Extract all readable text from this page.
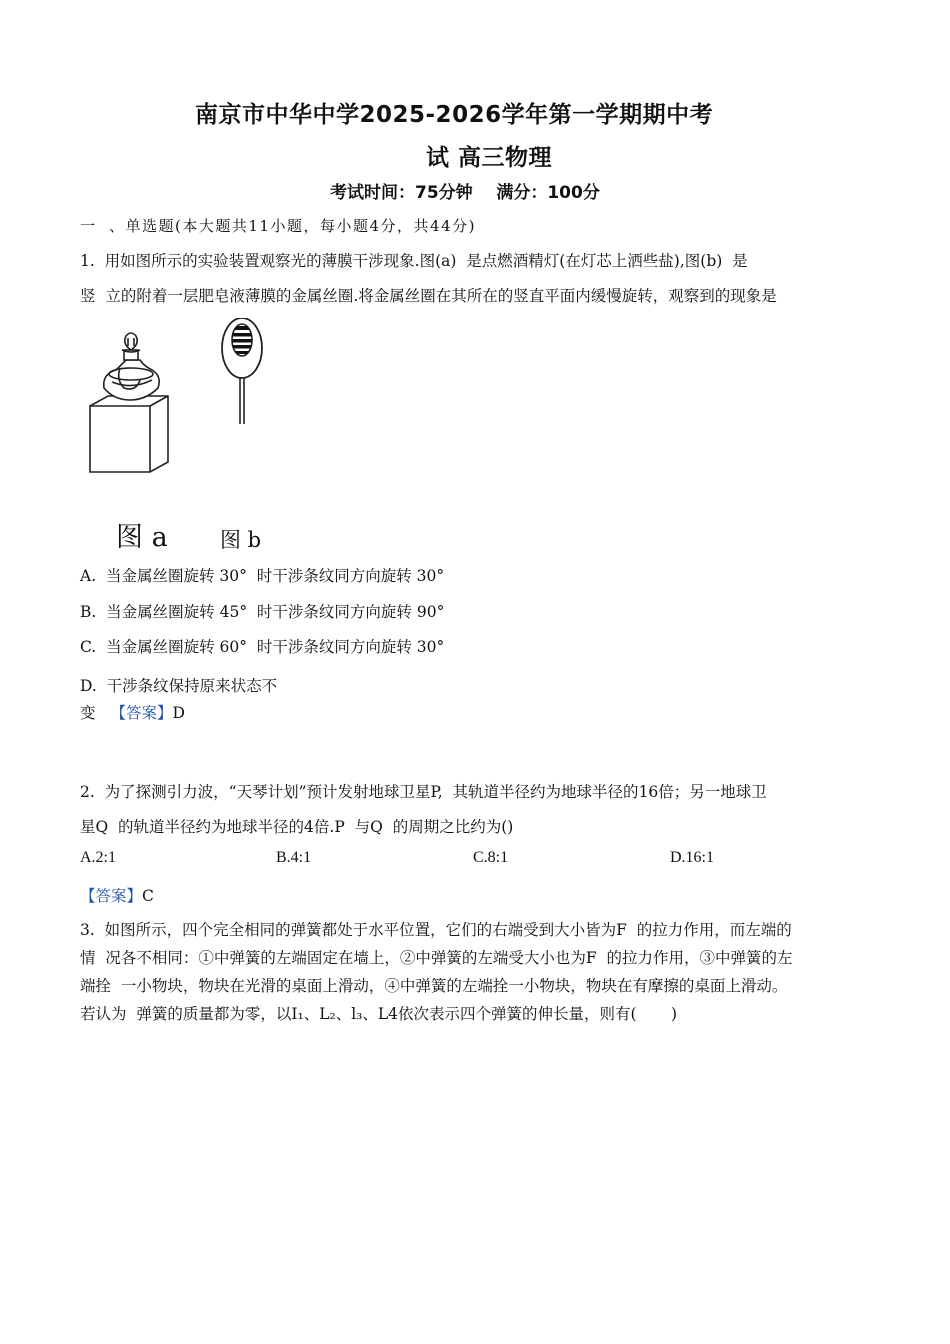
南京市中华中学2025-2026学年第一学期期中考
试 高三物理
考试时间：75分钟    满分：100分
一  、单选题(本大题共11小题，每小题4分，共44分)
1.  用如图所示的实验装置观察光的薄膜干涉现象.图(a)  是点燃酒精灯(在灯芯上洒些盐),图(b)  是
竖  立的附着一层肥皂液薄膜的金属丝圈.将金属丝圈在其所在的竖直平面内缓慢旋转，观察到的现象是
图 a 图 b
A.  当金属丝圈旋转 30°  时干涉条纹同方向旋转 30°
B.  当金属丝圈旋转 45°  时干涉条纹同方向旋转 90°
C.  当金属丝圈旋转 60°  时干涉条纹同方向旋转 30°
D.  干涉条纹保持原来状态不
变 【答案】D
2.  为了探测引力波，“天琴计划”预计发射地球卫星P,  其轨道半径约为地球半径的16倍；另一地球卫
星Q  的轨道半径约为地球半径的4倍.P  与Q  的周期之比约为()
A.2:1	B.4:1	C.8:1	D.16:1
【答案】C
3.  如图所示，四个完全相同的弹簧都处于水平位置，它们的右端受到大小皆为F  的拉力作用，而左端的
情  况各不相同：①中弹簧的左端固定在墙上，②中弹簧的左端受大小也为F  的拉力作用，③中弹簧的左
端拴  一小物块，物块在光滑的桌面上滑动，④中弹簧的左端拴一小物块，物块在有摩擦的桌面上滑动。
若认为  弹簧的质量都为零，以I₁、L₂、l₃、L4依次表示四个弹簧的伸长量，则有(       )
